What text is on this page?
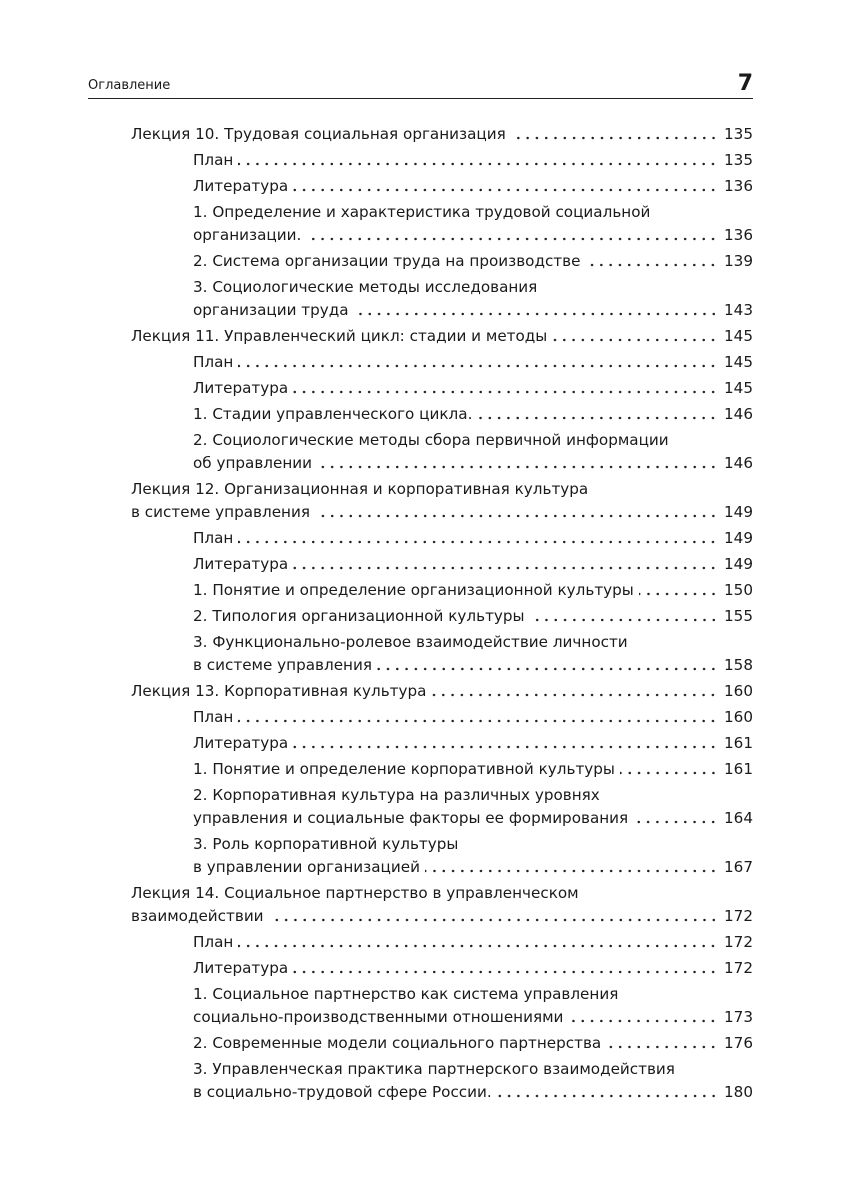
Оглавление	7
Лекция 10. Трудовая социальная организация	135
План	135
Литература	136
1. Определение и характеристика трудовой социальной
организации.	136
2. Система организации труда на производстве	139
3. Социологические методы исследования
организации труда	143
Лекция 11. Управленческий цикл: стадии и методы	145
План	145
Литература	145
1. Стадии управленческого цикла.	146
2. Социологические методы сбора первичной информации
об управлении	146
Лекция 12. Организационная и корпоративная культура
в системе управления	149
План	149
Литература	149
1. Понятие и определение организационной культуры	150
2. Типология организационной культуры	155
3. Функционально-ролевое взаимодействие личности
в системе управления	158
Лекция 13. Корпоративная культура	160
План	160
Литература	161
1. Понятие и определение корпоративной культуры	161
2. Корпоративная культура на различных уровнях
управления и социальные факторы ее формирования	164
3. Роль корпоративной культуры
в управлении организацией	167
Лекция 14. Социальное партнерство в управленческом
взаимодействии	172
План	172
Литература	172
1. Социальное партнерство как система управления
социально-производственными отношениями	173
2. Современные модели социального партнерства	176
3. Управленческая практика партнерского взаимодействия
в социально-трудовой сфере России.	180
